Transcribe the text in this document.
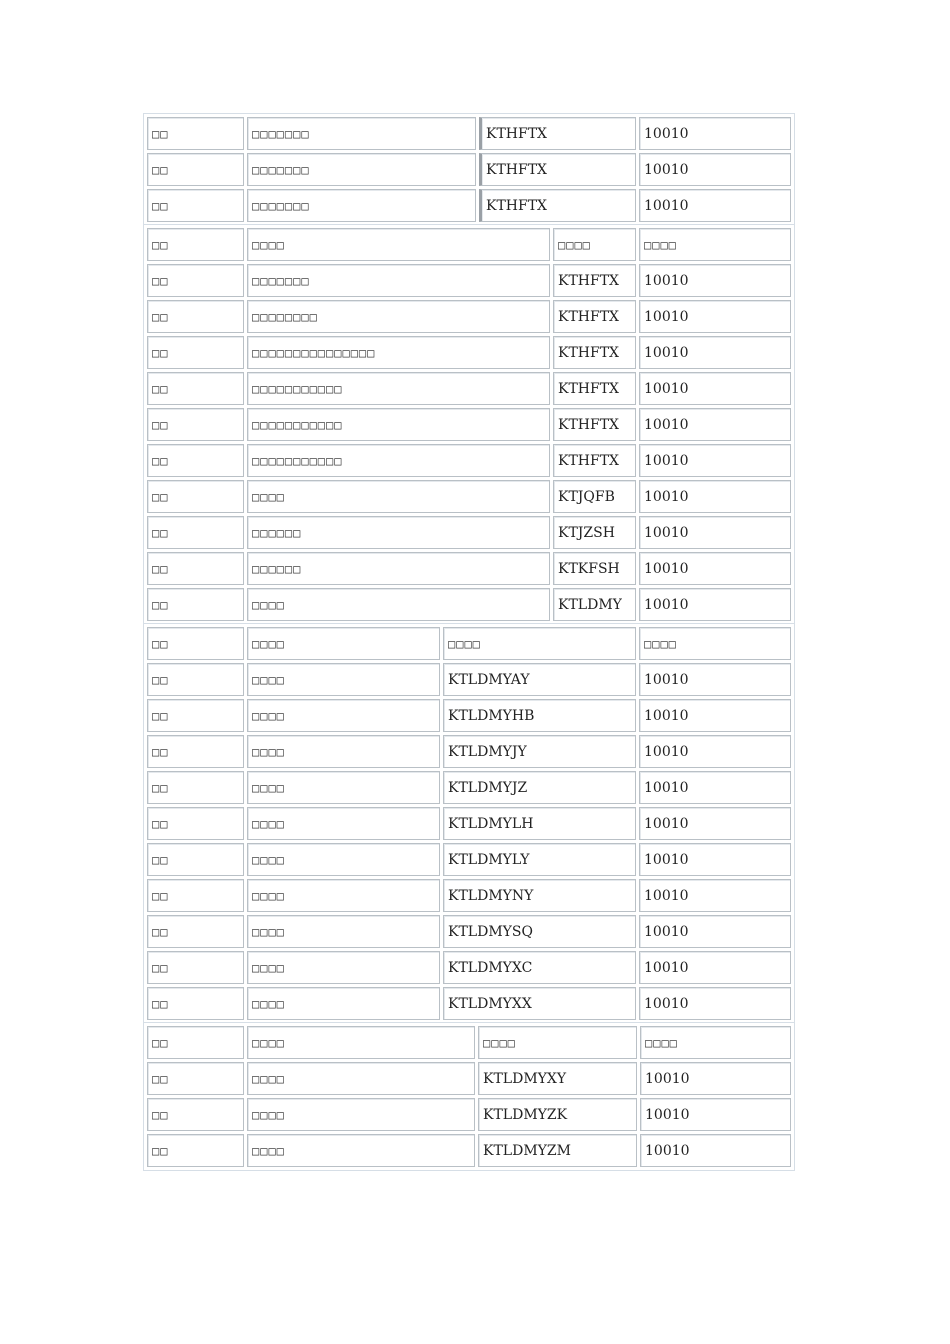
□□	□□□□□□□	KTHFTX	10010
□□	□□□□□□□	KTHFTX	10010
□□	□□□□□□□	KTHFTX	10010
□□	□□□□	□□□□	□□□□
□□	□□□□□□□	KTHFTX	10010
□□	□□□□□□□□	KTHFTX	10010
□□	□□□□□□□□□□□□□□□	KTHFTX	10010
□□	□□□□□□□□□□□	KTHFTX	10010
□□	□□□□□□□□□□□	KTHFTX	10010
□□	□□□□□□□□□□□	KTHFTX	10010
□□	□□□□	KTJQFB	10010
□□	□□□□□□	KTJZSH	10010
□□	□□□□□□	KTKFSH	10010
□□	□□□□	KTLDMY	10010
□□	□□□□	□□□□	□□□□
□□	□□□□	KTLDMYAY	10010
□□	□□□□	KTLDMYHB	10010
□□	□□□□	KTLDMYJY	10010
□□	□□□□	KTLDMYJZ	10010
□□	□□□□	KTLDMYLH	10010
□□	□□□□	KTLDMYLY	10010
□□	□□□□	KTLDMYNY	10010
□□	□□□□	KTLDMYSQ	10010
□□	□□□□	KTLDMYXC	10010
□□	□□□□	KTLDMYXX	10010
□□	□□□□	□□□□	□□□□
□□	□□□□	KTLDMYXY	10010
□□	□□□□	KTLDMYZK	10010
□□	□□□□	KTLDMYZM	10010
